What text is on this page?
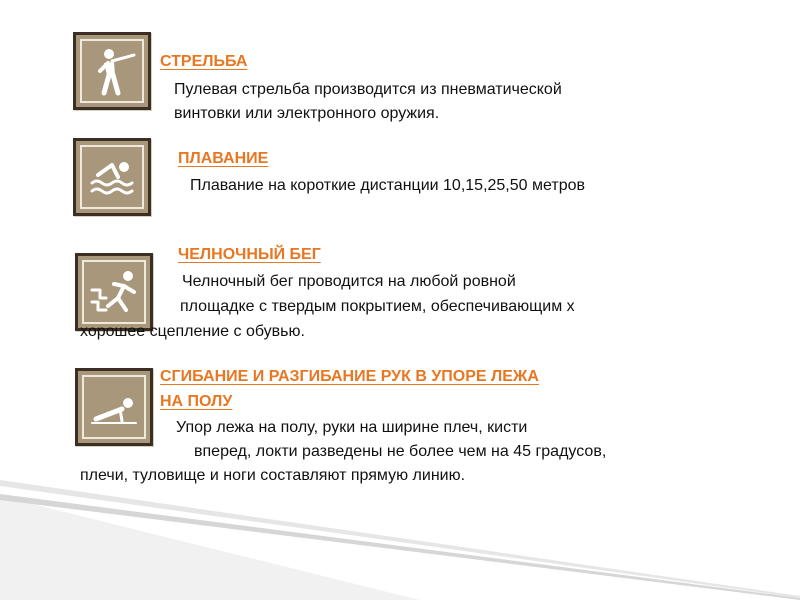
СТРЕЛЬБА
Пулевая стрельба производится из пневматической
винтовки или электронного оружия.
ПЛАВАНИЕ
Плавание на короткие дистанции 10,15,25,50 метров
ЧЕЛНОЧНЫЙ БЕГ
Челночный бег проводится на любой ровной
площадке с твердым покрытием, обеспечивающим х
хорошее сцепление с обувью.
СГИБАНИЕ И РАЗГИБАНИЕ РУК В УПОРЕ ЛЕЖА
НА ПОЛУ
Упор лежа на полу, руки на ширине плеч, кисти
вперед, локти разведены не более чем на 45 градусов,
плечи, туловище и ноги составляют прямую линию.
